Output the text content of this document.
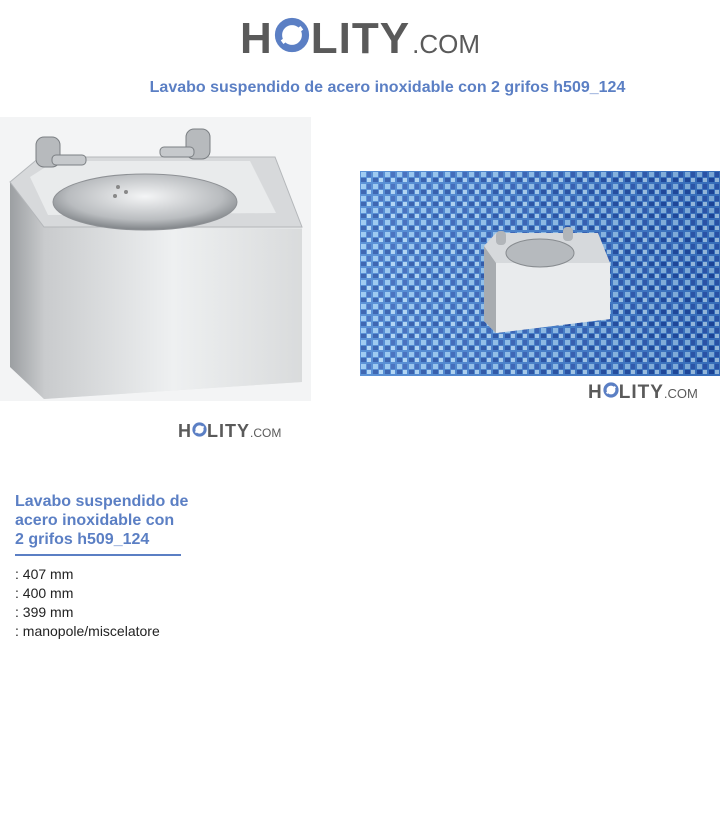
H LITY .COM
Lavabo suspendido de acero inoxidable con 2 grifos h509_124
H LITY .COM
H LITY .COM
Lavabo suspendido de
acero inoxidable con
2 grifos h509_124
: 407 mm
: 400 mm
: 399 mm
: manopole/miscelatore
